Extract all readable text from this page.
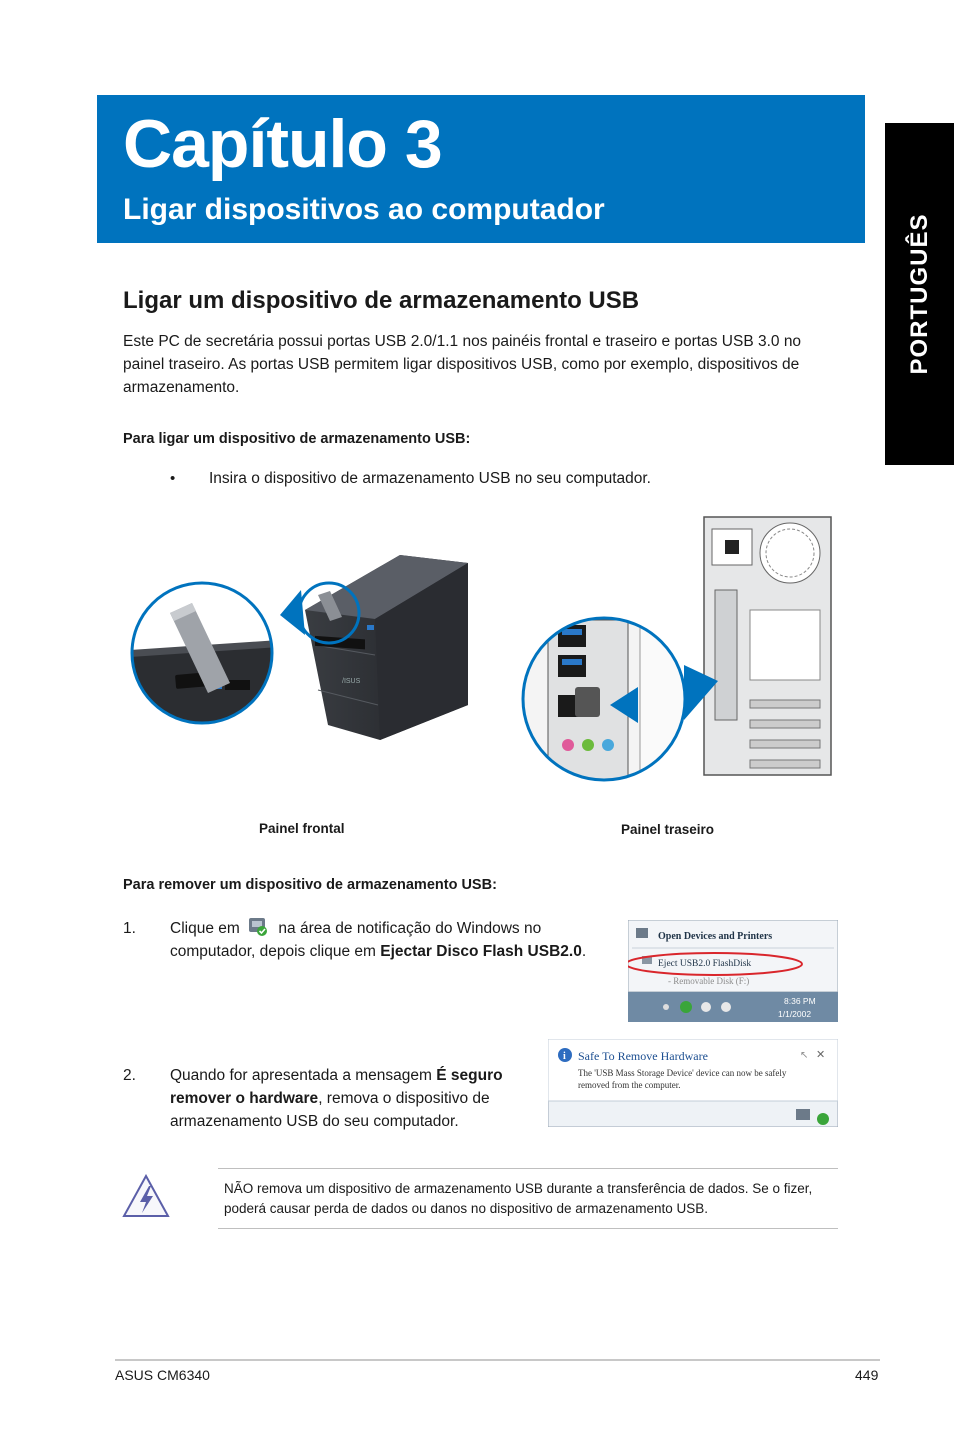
Capítulo 3
Ligar dispositivos ao computador
PORTUGUÊS
Ligar um dispositivo de armazenamento USB
Este PC de secretária possui portas USB 2.0/1.1 nos painéis frontal e traseiro e portas USB 3.0 no painel traseiro. As portas USB permitem ligar dispositivos USB, como por exemplo, dispositivos de armazenamento.
Para ligar um dispositivo de armazenamento USB:
• Insira o dispositivo de armazenamento USB no seu computador.
/ISUS
Painel frontal	Painel traseiro
Para remover um dispositivo de armazenamento USB:
1. Clique em na área de notificação do Windows no computador, depois clique em Ejectar Disco Flash USB2.0.
2. Quando for apresentada a mensagem É seguro remover o hardware, remova o dispositivo de armazenamento USB do seu computador.
Open Devices and Printers
Eject USB2.0 FlashDisk
- Removable Disk (F:)
8:36 PM
1/1/2002
i Safe To Remove Hardware
The 'USB Mass Storage Device' device can now be safely
removed from the computer.
↖ ✕
NÃO remova um dispositivo de armazenamento USB durante a transferência de dados. Se o fizer, poderá causar perda de dados ou danos no dispositivo de armazenamento USB.
ASUS CM6340	449
